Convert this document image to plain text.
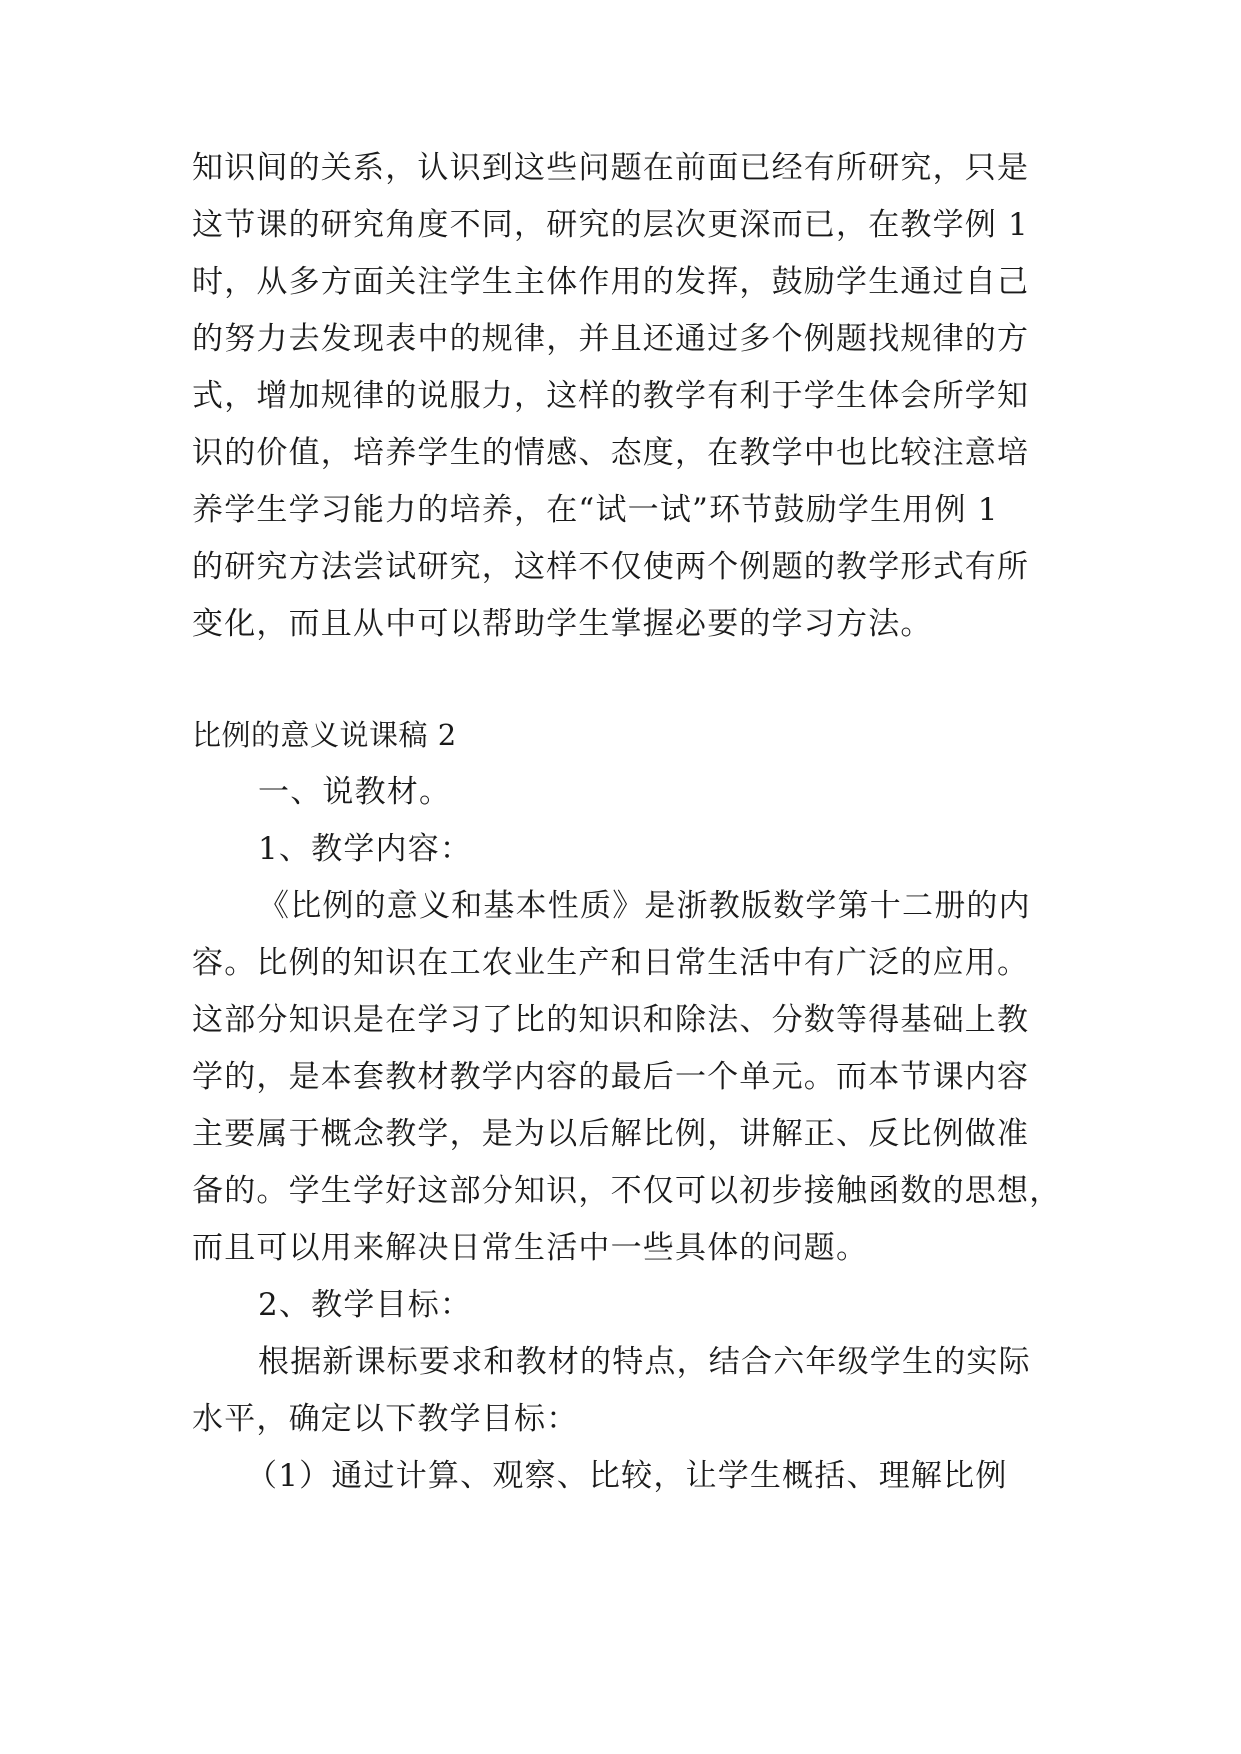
知识间的关系，认识到这些问题在前面已经有所研究，只是
这节课的研究角度不同，研究的层次更深而已，在教学例 1
时，从多方面关注学生主体作用的发挥，鼓励学生通过自己
的努力去发现表中的规律，并且还通过多个例题找规律的方
式，增加规律的说服力，这样的教学有利于学生体会所学知
识的价值，培养学生的情感、态度，在教学中也比较注意培
养学生学习能力的培养，在“试一试”环节鼓励学生用例 1
的研究方法尝试研究，这样不仅使两个例题的教学形式有所
变化，而且从中可以帮助学生掌握必要的学习方法。
比例的意义说课稿 2
一、说教材。
1、教学内容：
《比例的意义和基本性质》是浙教版数学第十二册的内
容。比例的知识在工农业生产和日常生活中有广泛的应用。
这部分知识是在学习了比的知识和除法、分数等得基础上教
学的，是本套教材教学内容的最后一个单元。而本节课内容
主要属于概念教学，是为以后解比例，讲解正、反比例做准
备的。学生学好这部分知识，不仅可以初步接触函数的思想，
而且可以用来解决日常生活中一些具体的问题。
2、教学目标：
根据新课标要求和教材的特点，结合六年级学生的实际
水平，确定以下教学目标：
（1）通过计算、观察、比较，让学生概括、理解比例
